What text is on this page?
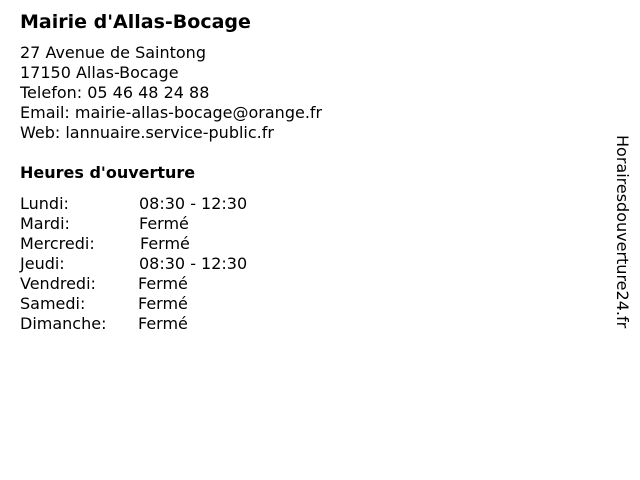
Mairie d'Allas-Bocage
27 Avenue de Saintong
17150 Allas-Bocage
Telefon: 05 46 48 24 88
Email: mairie-allas-bocage@orange.fr
Web: lannuaire.service-public.fr
Heures d'ouverture
Lundi:	08:30 - 12:30
Mardi:	Fermé
Mercredi:	Fermé
Jeudi:	08:30 - 12:30
Vendredi:	Fermé
Samedi:	Fermé
Dimanche: Fermé	Horairesdouverture24.fr
